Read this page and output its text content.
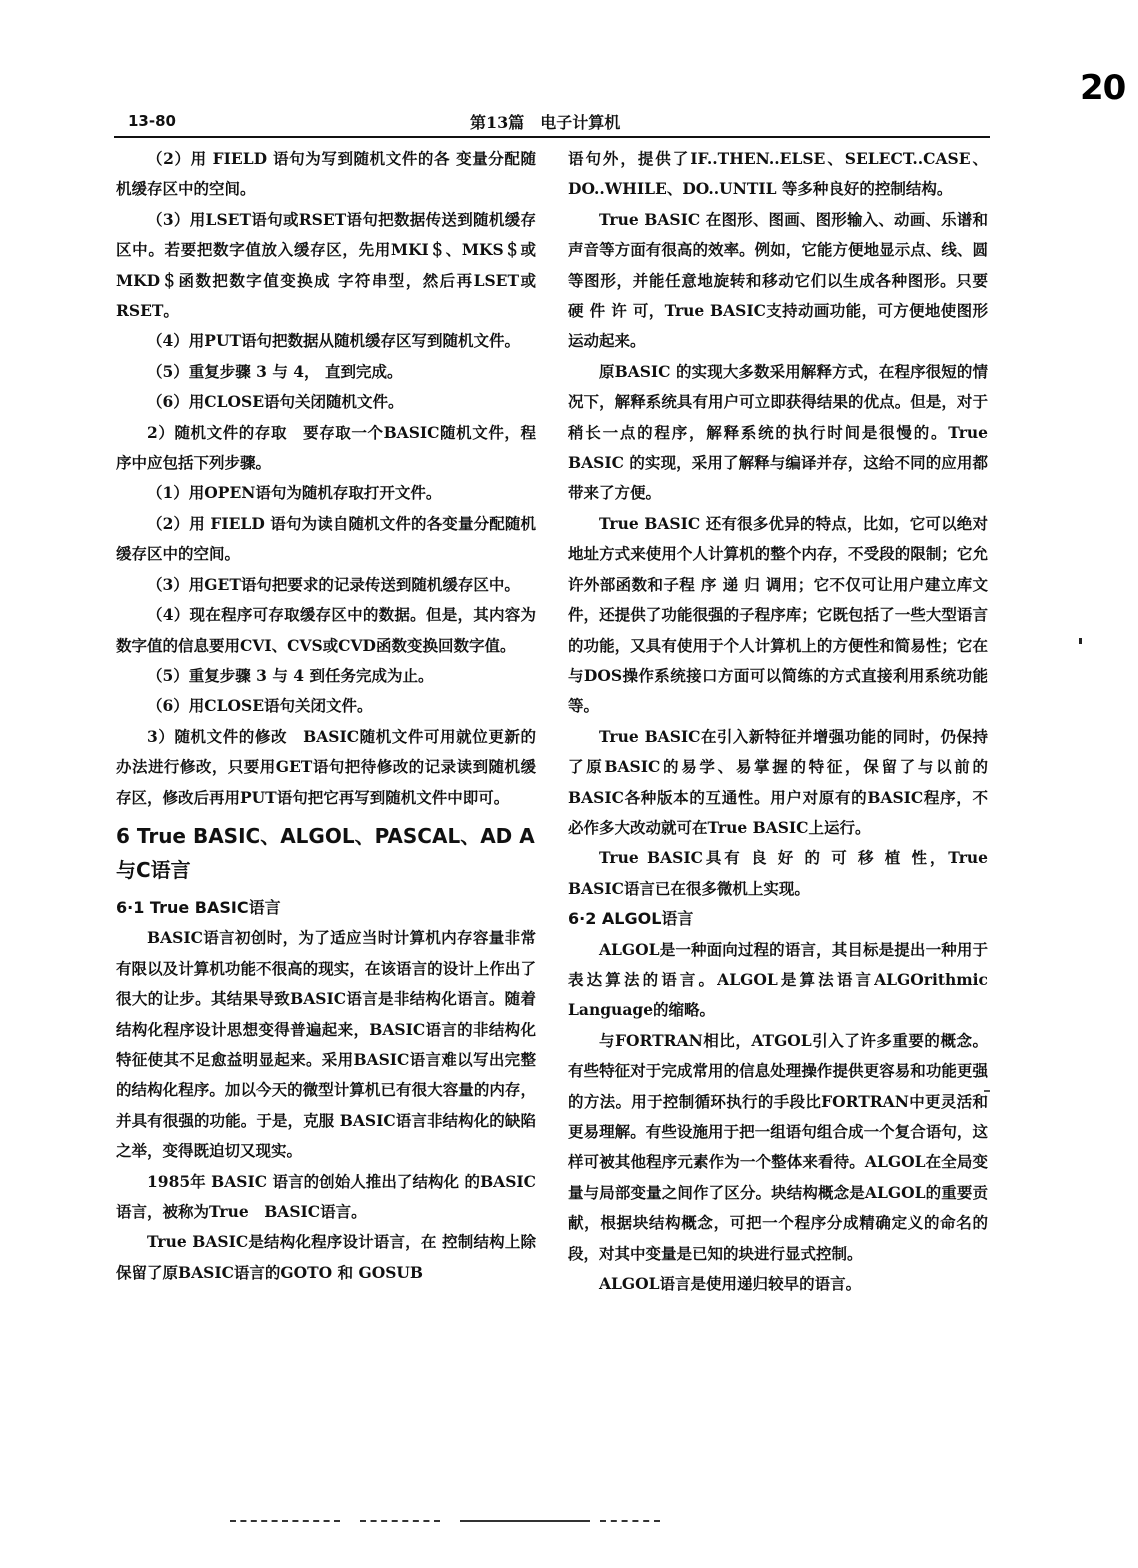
20
13-80	第13篇　电子计算机

（2）用 FIELD 语句为写到随机文件的各 变量分配随机缓存区中的空间。

（3）用LSET语句或RSET语句把数据传送到随机缓存区中。若要把数字值放入缓存区，先用MKI＄、MKS＄或MKD＄函数把数字值变换成 字符串型，然后再LSET或RSET。

（4）用PUT语句把数据从随机缓存区写到随机文件。

（5）重复步骤 3 与 4， 直到完成。

（6）用CLOSE语句关闭随机文件。

2）随机文件的存取　要存取一个BASIC随机文件，程序中应包括下列步骤。

（1）用OPEN语句为随机存取打开文件。

（2）用 FIELD 语句为读自随机文件的各变量分配随机缓存区中的空间。

（3）用GET语句把要求的记录传送到随机缓存区中。

（4）现在程序可存取缓存区中的数据。但是，其内容为数字值的信息要用CVI、CVS或CVD函数变换回数字值。

（5）重复步骤 3 与 4 到任务完成为止。

（6）用CLOSE语句关闭文件。

3）随机文件的修改　BASIC随机文件可用就位更新的办法进行修改，只要用GET语句把待修改的记录读到随机缓存区，修改后再用PUT语句把它再写到随机文件中即可。

6 True BASIC、ALGOL、PASCAL、AD A与C语言
6·1 True BASIC语言

BASIC语言初创时，为了适应当时计算机内存容量非常有限以及计算机功能不很高的现实，在该语言的设计上作出了很大的让步。其结果导致BASIC语言是非结构化语言。随着结构化程序设计思想变得普遍起来，BASIC语言的非结构化特征使其不足愈益明显起来。采用BASIC语言难以写出完整的结构化程序。加以今天的微型计算机已有很大容量的内存，并具有很强的功能。于是，克服 BASIC语言非结构化的缺陷之举，变得既迫切又现实。

1985年 BASIC 语言的创始人推出了结构化 的BASIC语言，被称为True　BASIC语言。

True BASIC是结构化程序设计语言，在 控制结构上除保留了原BASIC语言的GOTO 和 GOSUB

语句外，提供了IF..THEN..ELSE、SELECT..CASE、DO..WHILE、DO..UNTIL 等多种良好的控制结构。

True BASIC 在图形、图画、图形输入、动画、乐谱和声音等方面有很高的效率。例如，它能方便地显示点、线、圆等图形，并能任意地旋转和移动它们以生成各种图形。只要 硬 件 许 可，True BASIC支持动画功能，可方便地使图形运动起来。

原BASIC 的实现大多数采用解释方式，在程序很短的情况下，解释系统具有用户可立即获得结果的优点。但是，对于稍长一点的程序，解释系统的执行时间是很慢的。True BASIC 的实现，采用了解释与编译并存，这给不同的应用都带来了方便。

True BASIC 还有很多优异的特点，比如，它可以绝对地址方式来使用个人计算机的整个内存，不受段的限制；它允许外部函数和子程 序 递 归 调用；它不仅可让用户建立库文件，还提供了功能很强的子程序库；它既包括了一些大型语言的功能，又具有使用于个人计算机上的方便性和简易性；它在与DOS操作系统接口方面可以简练的方式直接利用系统功能等。

True BASIC在引入新特征并增强功能的同时，仍保持了原BASIC的易学、易掌握的特征，保留了与以前的BASIC各种版本的互通性。用户对原有的BASIC程序，不必作多大改动就可在True BASIC上运行。

True BASIC具有 良 好 的 可 移 植 性，True BASIC语言已在很多微机上实现。

6·2 ALGOL语言

ALGOL是一种面向过程的语言，其目标是提出一种用于表达算法的语言。ALGOL是算法语言ALGOrithmic Language的缩略。

与FORTRAN相比，ATGOL引入了许多重要的概念。有些特征对于完成常用的信息处理操作提供更容易和功能更强的方法。用于控制循环执行的手段比FORTRAN中更灵活和更易理解。有些设施用于把一组语句组合成一个复合语句，这样可被其他程序元素作为一个整体来看待。ALGOL在全局变量与局部变量之间作了区分。块结构概念是ALGOL的重要贡献，根据块结构概念，可把一个程序分成精确定义的命名的段，对其中变量是已知的块进行显式控制。

ALGOL语言是使用递归较早的语言。
